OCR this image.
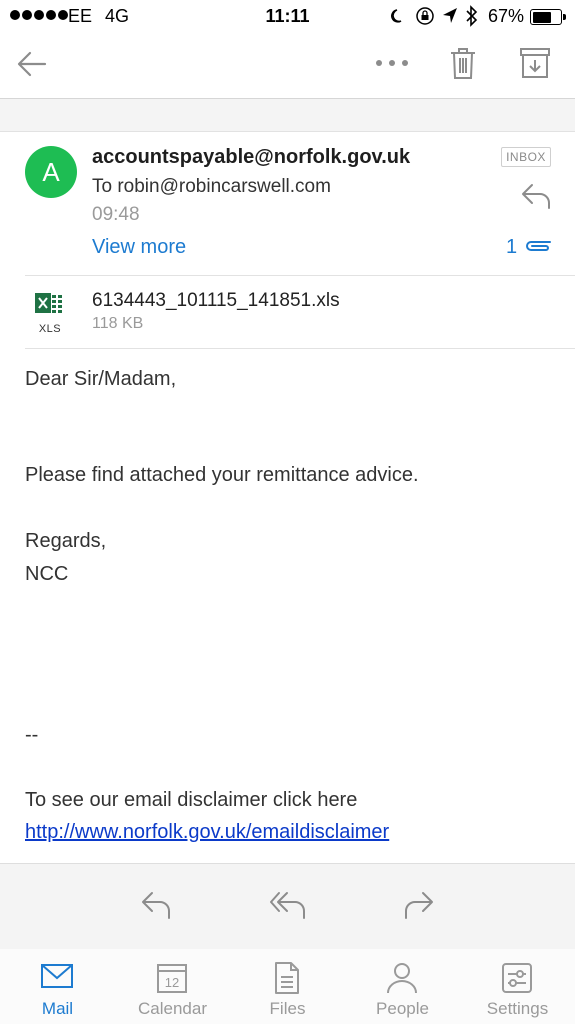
EE 4G	11:11	67%
A	accountspayable@norfolk.gov.uk
To robin@robincarswell.com
09:48
View more
INBOX
1
XLS
6134443_101115_141851.xls
118 KB
Dear Sir/Madam,
Please find attached your remittance advice.
Regards,
NCC
--
To see our email disclaimer click here
http://www.norfolk.gov.uk/emaildisclaimer
Mail
12
Calendar	Files	People	Settings
